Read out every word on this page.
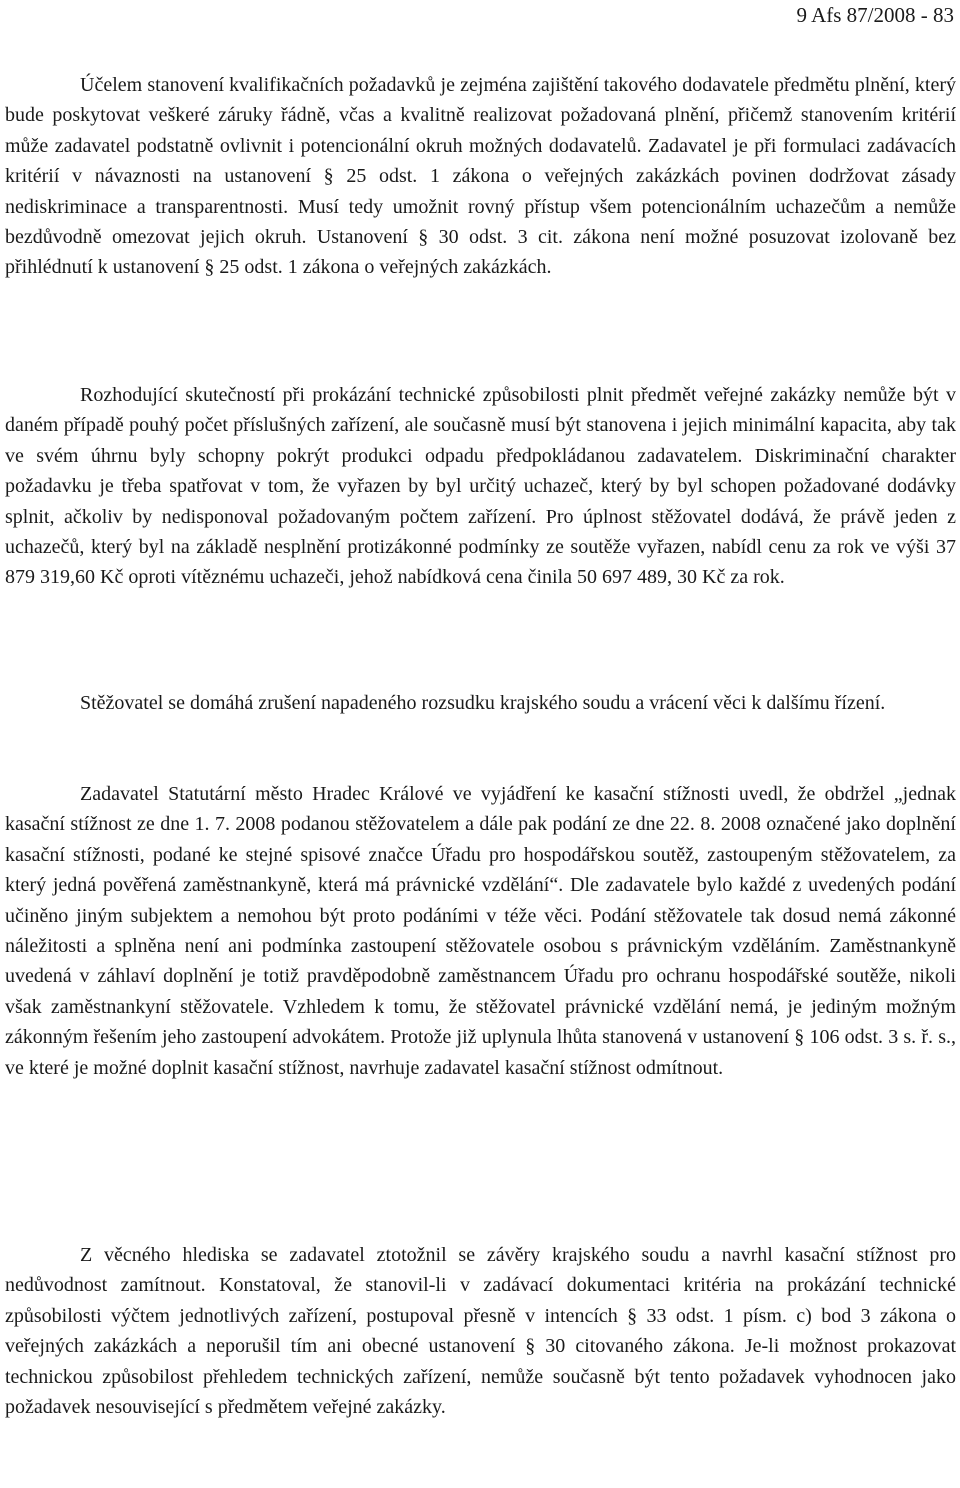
9 Afs 87/2008 - 83

Účelem stanovení kvalifikačních požadavků je zejména zajištění takového dodavatele předmětu plnění, který bude poskytovat veškeré záruky řádně, včas a kvalitně realizovat požadovaná plnění, přičemž stanovením kritérií může zadavatel podstatně ovlivnit i potencionální okruh možných dodavatelů. Zadavatel je při formulaci zadávacích kritérií v návaznosti na ustanovení § 25 odst. 1 zákona o veřejných zakázkách povinen dodržovat zásady nediskriminace a transparentnosti. Musí tedy umožnit rovný přístup všem potencionálním uchazečům a nemůže bezdůvodně omezovat jejich okruh. Ustanovení § 30 odst. 3 cit. zákona není možné posuzovat izolovaně bez přihlédnutí k ustanovení § 25 odst. 1 zákona o veřejných zakázkách.

Rozhodující skutečností při prokázání technické způsobilosti plnit předmět veřejné zakázky nemůže být v daném případě pouhý počet příslušných zařízení, ale současně musí být stanovena i jejich minimální kapacita, aby tak ve svém úhrnu byly schopny pokrýt produkci odpadu předpokládanou zadavatelem. Diskriminační charakter požadavku je třeba spatřovat v tom, že vyřazen by byl určitý uchazeč, který by byl schopen požadované dodávky splnit, ačkoliv by nedisponoval požadovaným počtem zařízení. Pro úplnost stěžovatel dodává, že právě jeden z uchazečů, který byl na základě nesplnění protizákonné podmínky ze soutěže vyřazen, nabídl cenu za rok ve výši 37 879 319,60 Kč oproti vítěznému uchazeči, jehož nabídková cena činila 50 697 489, 30 Kč za rok.

Stěžovatel se domáhá zrušení napadeného rozsudku krajského soudu a vrácení věci k dalšímu řízení.

Zadavatel Statutární město Hradec Králové ve vyjádření ke kasační stížnosti uvedl, že obdržel „jednak kasační stížnost ze dne 1. 7. 2008 podanou stěžovatelem a dále pak podání ze dne 22. 8. 2008 označené jako doplnění kasační stížnosti, podané ke stejné spisové značce Úřadu pro hospodářskou soutěž, zastoupeným stěžovatelem, za který jedná pověřená zaměstnankyně, která má právnické vzdělání“. Dle zadavatele bylo každé z uvedených podání učiněno jiným subjektem a nemohou být proto podáními v téže věci. Podání stěžovatele tak dosud nemá zákonné náležitosti a splněna není ani podmínka zastoupení stěžovatele osobou s právnickým vzděláním. Zaměstnankyně uvedená v záhlaví doplnění je totiž pravděpodobně zaměstnancem Úřadu pro ochranu hospodářské soutěže, nikoli však zaměstnankyní stěžovatele. Vzhledem k tomu, že stěžovatel právnické vzdělání nemá, je jediným možným zákonným řešením jeho zastoupení advokátem. Protože již uplynula lhůta stanovená v ustanovení § 106 odst. 3 s. ř. s., ve které je možné doplnit kasační stížnost, navrhuje zadavatel kasační stížnost odmítnout.

Z věcného hlediska se zadavatel ztotožnil se závěry krajského soudu a navrhl kasační stížnost pro nedůvodnost zamítnout. Konstatoval, že stanovil-li v zadávací dokumentaci kritéria na prokázání technické způsobilosti výčtem jednotlivých zařízení, postupoval přesně v intencích § 33 odst. 1 písm. c) bod 3 zákona o veřejných zakázkách a neporušil tím ani obecné ustanovení § 30 citovaného zákona. Je-li možnost prokazovat technickou způsobilost přehledem technických zařízení, nemůže současně být tento požadavek vyhodnocen jako požadavek nesouvisející s předmětem veřejné zakázky.
